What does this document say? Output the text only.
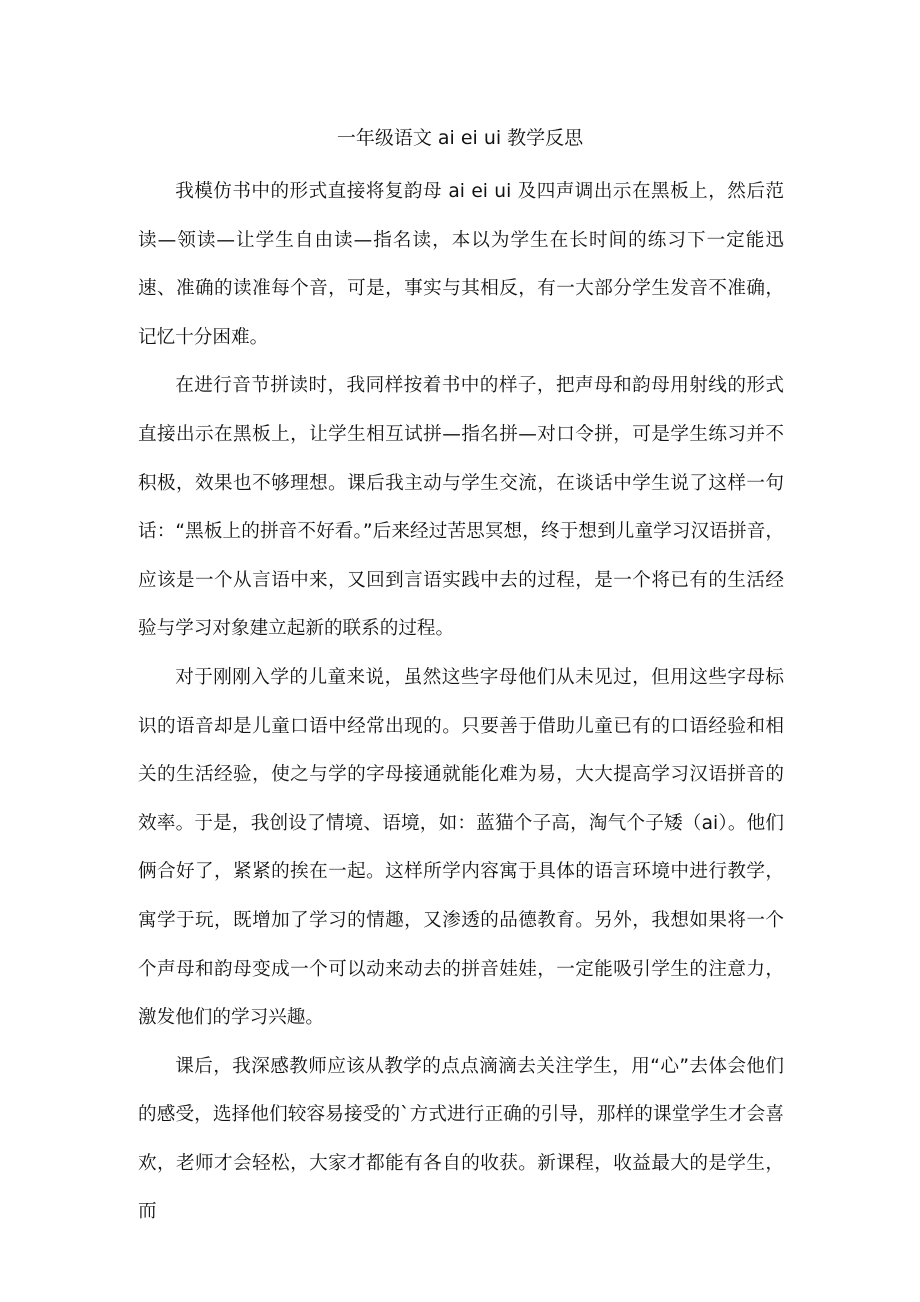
一年级语文 ai ei ui 教学反思

我模仿书中的形式直接将复韵母 ai ei ui 及四声调出示在黑板上，然后范读—领读—让学生自由读—指名读，本以为学生在长时间的练习下一定能迅速、准确的读准每个音，可是，事实与其相反，有一大部分学生发音不准确，记忆十分困难。

在进行音节拼读时，我同样按着书中的样子，把声母和韵母用射线的形式直接出示在黑板上，让学生相互试拼—指名拼—对口令拼，可是学生练习并不积极，效果也不够理想。课后我主动与学生交流，在谈话中学生说了这样一句话：“黑板上的拼音不好看。”后来经过苦思冥想，终于想到儿童学习汉语拼音，应该是一个从言语中来，又回到言语实践中去的过程，是一个将已有的生活经验与学习对象建立起新的联系的过程。

对于刚刚入学的儿童来说，虽然这些字母他们从未见过，但用这些字母标识的语音却是儿童口语中经常出现的。只要善于借助儿童已有的口语经验和相关的生活经验，使之与学的字母接通就能化难为易，大大提高学习汉语拼音的效率。于是，我创设了情境、语境，如：蓝猫个子高，淘气个子矮（ai）。他们俩合好了，紧紧的挨在一起。这样所学内容寓于具体的语言环境中进行教学，寓学于玩，既增加了学习的情趣，又渗透的品德教育。另外，我想如果将一个个声母和韵母变成一个可以动来动去的拼音娃娃，一定能吸引学生的注意力，激发他们的学习兴趣。

课后，我深感教师应该从教学的点点滴滴去关注学生，用“心”去体会他们的感受，选择他们较容易接受的`方式进行正确的引导，那样的课堂学生才会喜欢，老师才会轻松，大家才都能有各自的收获。新课程，收益最大的是学生，而
